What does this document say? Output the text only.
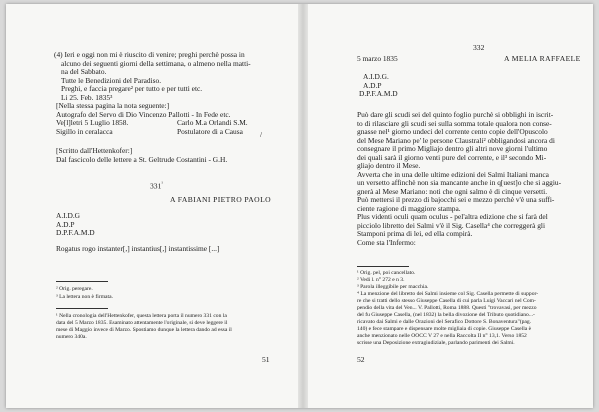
(4) Ieri e oggi non mi è riuscito di venire; preghi perchè possa in

alcuno dei seguenti giorni della settimana, o almeno nella matti-

na del Sabbato.

Tutte le Benedizioni del Paradiso.

Preghi, e faccia pregare² per tutto e per tutti etc.

Li 25. Feb. 1835³

[Nella stessa pagina la nota seguente:]

Autografo del Servo di Dio Vincenzo Pallotti - In Fede etc.

Ve[l]letri 5 Luglio 1858.

Sigillo in ceralacca

Carlo M.a Orlandi S.M.

Postulatore di a Causa /

[Scritto dall'Hettenkofer:]

Dal fascicolo delle lettere a St. Geltrude Costantini - G.H.

$331^{^1}$

A FABIANI PIETRO PAOLO

A.I.D.G

A.D.P

D.P.F.A.M.D

Rogatus rogo instanter[,] instantius[,] instantissime [...]

² Orig. peregare.

³ La lettera non è firmata.

¹ Nella cronologia dell'Hettenkofer, questa lettera porta il numero 331 con la

data del 5 Marzo 1835. Esaminato attentamente l'originale, si deve leggere il

mese di Maggio invece di Marzo. Spostiamo dunque la lettera dando ad essa il

numero 340a.

51

332

5 marzo 1835	A MELIA RAFFAELE

A.I.D.G.

A.D.P

D.P.F.A.M.D

Può dare gli scudi sei del quinto foglio purchè si obblighi in iscrit-

to di rilasciare gli scudi sei sulla somma totale qualora non conse-

gnasse nel¹ giorno undeci del corrente cento copie dell'Opuscolo

del Mese Mariano pe' le persone Claustrali² obbligandosi ancora di

consegnare il primo Migliajo dentro gli altri nove giorni l'ultimo

dei quali sarà il giorno venti pure del corrente, e il³ secondo Mi-

gliajo dentro il Mese.

Avverta che in una delle ultime edizioni dei Salmi Italiani manca

un versetto affinchè non sia mancante anche in q[uest]o che si aggiu-

gnerà al Mese Mariano: noti che ogni salmo è di cinque versetti.

Può mettersi il prezzo di bajocchi sei e mezzo perchè v'è una suffi-

ciente ragione di maggiore stampa.

Plus videnti oculi quam oculus - pel'altra edizione che si farà del

picciolo libretto dei Salmi v'è il Sig. Casella⁴ che correggerà gli

Stamponi prima di lei, ed ella compirà.

Come sta l'Infermo:

¹ Orig. pel, poi cancellato.

² Vedi l. n° 272 e n 3.

³ Parola illeggibile per macchia.

⁴ La menzione del libretto dei Salmi insieme col Sig. Casella permette di suppor-

re che si tratti dello stesso Giuseppe Casella di cui parla Luigi Vaccari nel Com-

pendio della vita del Ven... V. Pallotti, Roma 1888. Questi "trovavasi, per mezzo

del fu Giuseppe Casella, (nel 1832) la bella divozione del Tributo quotidiano...-

ricavato dai Salmi e dalle Orazioni del Serafico Dottore S. Bonaventura"(pag.

140) e fece stampare e dispensare molte migliaia di copie. Giuseppe Casella è

anche menzionato nelle OOCC V 27 e nella Raccolta II n° 13,1. Verso 1852

scrisse una Deposizione extragiudiziale, parlando parimenti dei Salmi.

52
